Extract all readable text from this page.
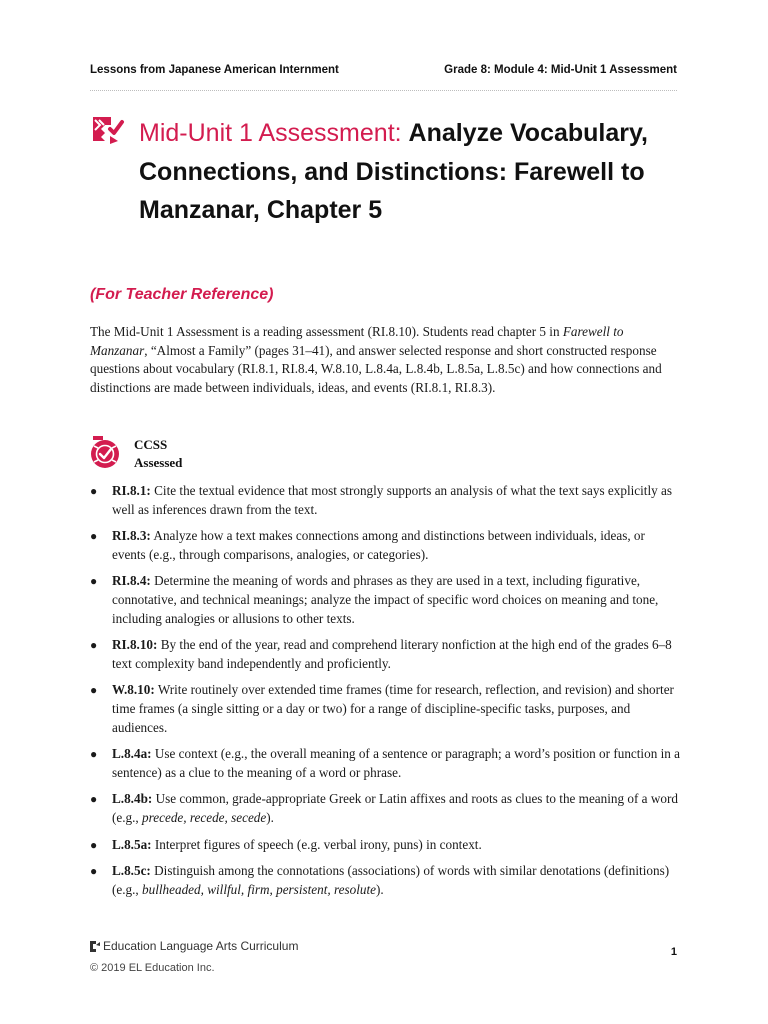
Lessons from Japanese American Internment	Grade 8: Module 4: Mid-Unit 1 Assessment
Mid-Unit 1 Assessment: Analyze Vocabulary, Connections, and Distinctions: Farewell to Manzanar, Chapter 5
(For Teacher Reference)

The Mid-Unit 1 Assessment is a reading assessment (RI.8.10). Students read chapter 5 in Farewell to Manzanar, “Almost a Family” (pages 31–41), and answer selected response and short constructed response questions about vocabulary (RI.8.1, RI.8.4, W.8.10, L.8.4a, L.8.4b, L.8.5a, L.8.5c) and how connections and distinctions are made between individuals, ideas, and events (RI.8.1, RI.8.3).

CCSS
Assessed
● RI.8.1: Cite the textual evidence that most strongly supports an analysis of what the text says explicitly as well as inferences drawn from the text.
● RI.8.3: Analyze how a text makes connections among and distinctions between individuals, ideas, or events (e.g., through comparisons, analogies, or categories).
● RI.8.4: Determine the meaning of words and phrases as they are used in a text, including figurative, connotative, and technical meanings; analyze the impact of specific word choices on meaning and tone, including analogies or allusions to other texts.
● RI.8.10: By the end of the year, read and comprehend literary nonfiction at the high end of the grades 6–8 text complexity band independently and proficiently.
● W.8.10: Write routinely over extended time frames (time for research, reflection, and revision) and shorter time frames (a single sitting or a day or two) for a range of discipline-specific tasks, purposes, and audiences.
● L.8.4a: Use context (e.g., the overall meaning of a sentence or paragraph; a word’s position or function in a sentence) as a clue to the meaning of a word or phrase.
● L.8.4b: Use common, grade-appropriate Greek or Latin affixes and roots as clues to the meaning of a word (e.g., precede, recede, secede).
● L.8.5a: Interpret figures of speech (e.g. verbal irony, puns) in context.
● L.8.5c: Distinguish among the connotations (associations) of words with similar denotations (definitions) (e.g., bullheaded, willful, firm, persistent, resolute).
Education Language Arts Curriculum
© 2019 EL Education Inc.
1
